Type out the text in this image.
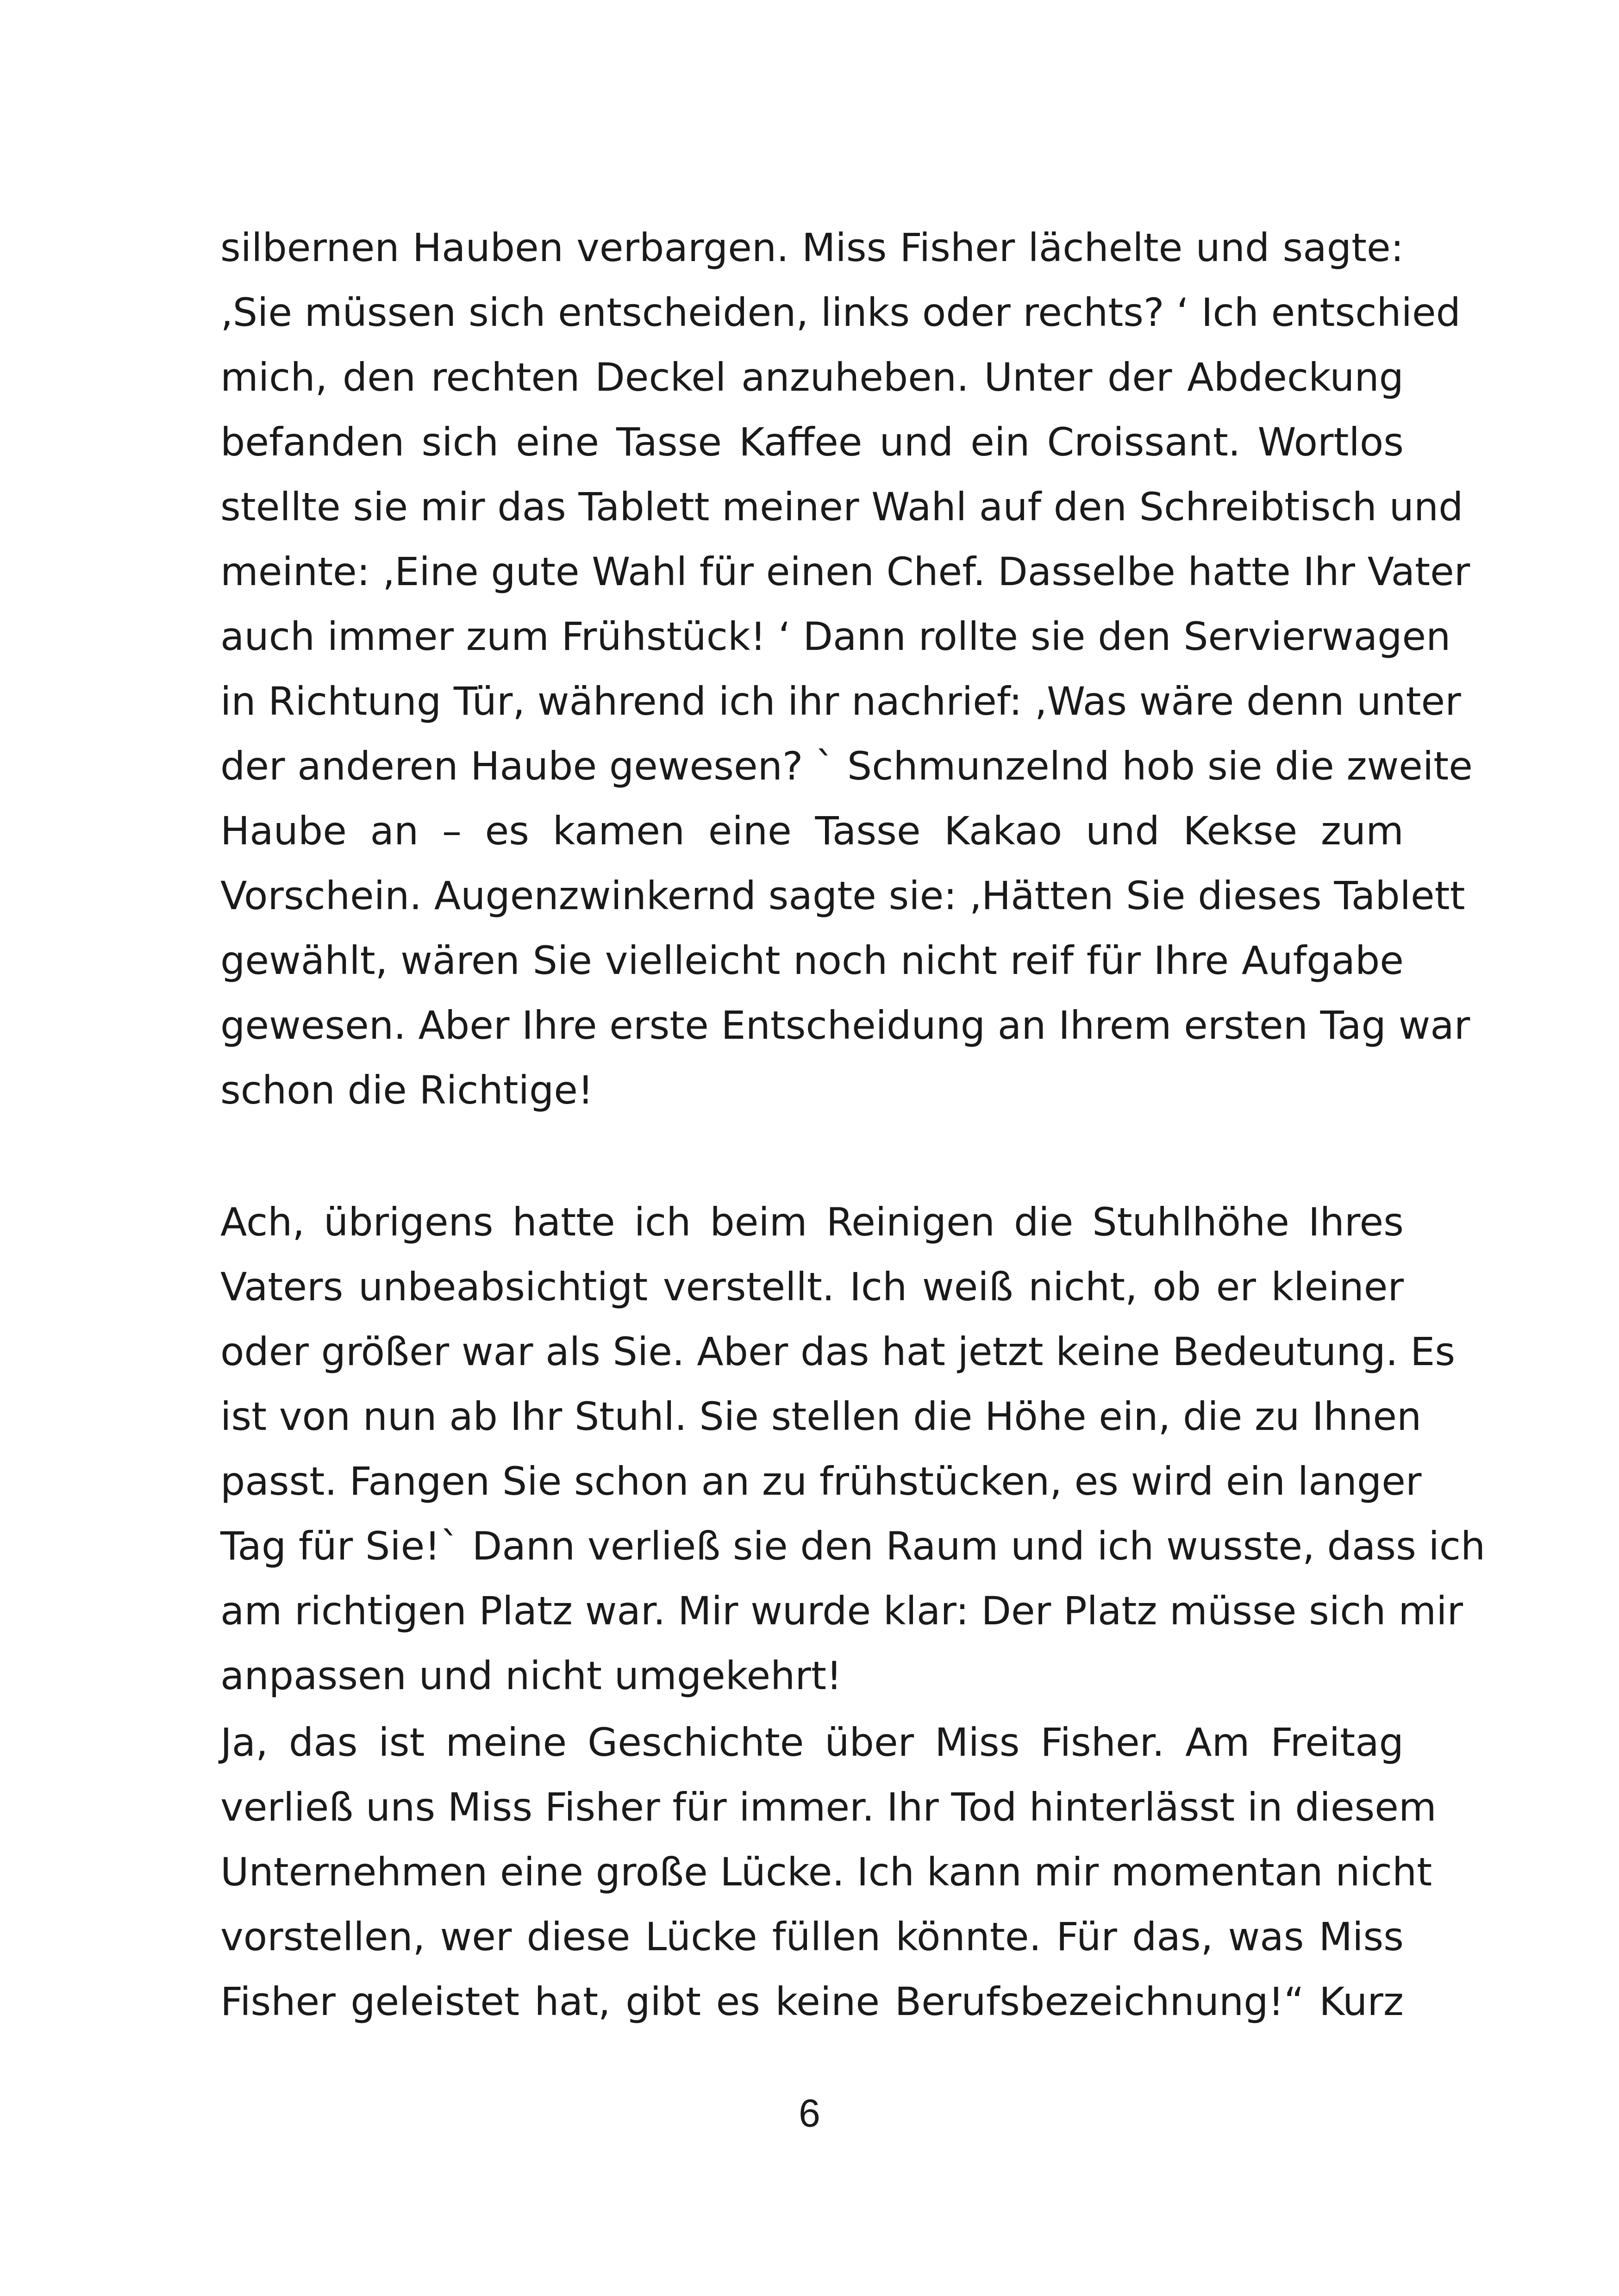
silbernen Hauben verbargen. Miss Fisher lächelte und sagte:
‚Sie müssen sich entscheiden, links oder rechts? ‘ Ich entschied
mich, den rechten Deckel anzuheben. Unter der Abdeckung
befanden sich eine Tasse Kaffee und ein Croissant. Wortlos
stellte sie mir das Tablett meiner Wahl auf den Schreibtisch und
meinte: ‚Eine gute Wahl für einen Chef. Dasselbe hatte Ihr Vater
auch immer zum Frühstück! ‘ Dann rollte sie den Servierwagen
in Richtung Tür, während ich ihr nachrief: ‚Was wäre denn unter
der anderen Haube gewesen? ` Schmunzelnd hob sie die zweite
Haube an – es kamen eine Tasse Kakao und Kekse zum
Vorschein. Augenzwinkernd sagte sie: ‚Hätten Sie dieses Tablett
gewählt, wären Sie vielleicht noch nicht reif für Ihre Aufgabe
gewesen. Aber Ihre erste Entscheidung an Ihrem ersten Tag war
schon die Richtige!
Ach, übrigens hatte ich beim Reinigen die Stuhlhöhe Ihres
Vaters unbeabsichtigt verstellt. Ich weiß nicht, ob er kleiner
oder größer war als Sie. Aber das hat jetzt keine Bedeutung. Es
ist von nun ab Ihr Stuhl. Sie stellen die Höhe ein, die zu Ihnen
passt. Fangen Sie schon an zu frühstücken, es wird ein langer
Tag für Sie!` Dann verließ sie den Raum und ich wusste, dass ich
am richtigen Platz war. Mir wurde klar: Der Platz müsse sich mir
anpassen und nicht umgekehrt!
Ja, das ist meine Geschichte über Miss Fisher. Am Freitag
verließ uns Miss Fisher für immer. Ihr Tod hinterlässt in diesem
Unternehmen eine große Lücke. Ich kann mir momentan nicht
vorstellen, wer diese Lücke füllen könnte. Für das, was Miss
Fisher geleistet hat, gibt es keine Berufsbezeichnung!“ Kurz
6
